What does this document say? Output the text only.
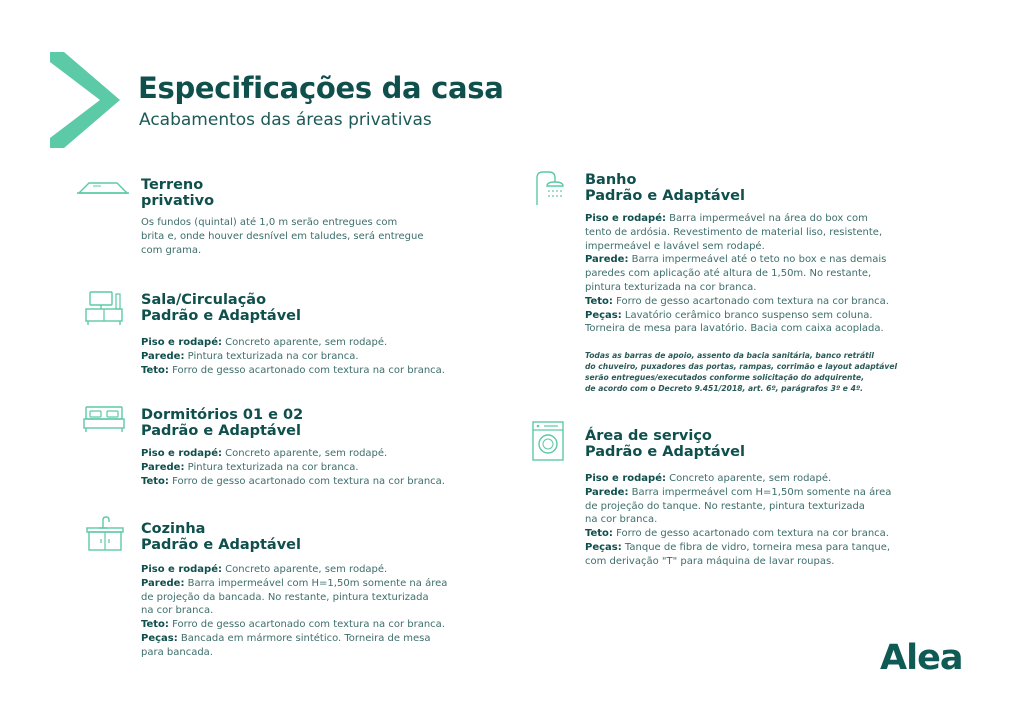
Especificações da casa
Acabamentos das áreas privativas
Terreno
privativo

Os fundos (quintal) até 1,0 m serão entregues com

brita e, onde houver desnível em taludes, será entregue

com grama.

Sala/Circulação
Padrão e Adaptável

Piso e rodapé: Concreto aparente, sem rodapé.

Parede: Pintura texturizada na cor branca.

Teto: Forro de gesso acartonado com textura na cor branca.

Dormitórios 01 e 02
Padrão e Adaptável

Piso e rodapé: Concreto aparente, sem rodapé.

Parede: Pintura texturizada na cor branca.

Teto: Forro de gesso acartonado com textura na cor branca.

Cozinha
Padrão e Adaptável

Piso e rodapé: Concreto aparente, sem rodapé.

Parede: Barra impermeável com H=1,50m somente na área

de projeção da bancada. No restante, pintura texturizada

na cor branca.

Teto: Forro de gesso acartonado com textura na cor branca.

Peças: Bancada em mármore sintético. Torneira de mesa

para bancada.

Banho
Padrão e Adaptável

Piso e rodapé: Barra impermeável na área do box com

tento de ardósia. Revestimento de material liso, resistente,

impermeável e lavável sem rodapé.

Parede: Barra impermeável até o teto no box e nas demais

paredes com aplicação até altura de 1,50m. No restante,

pintura texturizada na cor branca.

Teto: Forro de gesso acartonado com textura na cor branca.

Peças: Lavatório cerâmico branco suspenso sem coluna.

Torneira de mesa para lavatório. Bacia com caixa acoplada.

Todas as barras de apoio, assento da bacia sanitária, banco retrátil

do chuveiro, puxadores das portas, rampas, corrimão e layout adaptável

serão entregues/executados conforme solicitação do adquirente,

de acordo com o Decreto 9.451/2018, art. 6º, parágrafos 3º e 4º.

Área de serviço
Padrão e Adaptável

Piso e rodapé: Concreto aparente, sem rodapé.

Parede: Barra impermeável com H=1,50m somente na área

de projeção do tanque. No restante, pintura texturizada

na cor branca.

Teto: Forro de gesso acartonado com textura na cor branca.

Peças: Tanque de fibra de vidro, torneira mesa para tanque,

com derivação "T" para máquina de lavar roupas.

Alea
